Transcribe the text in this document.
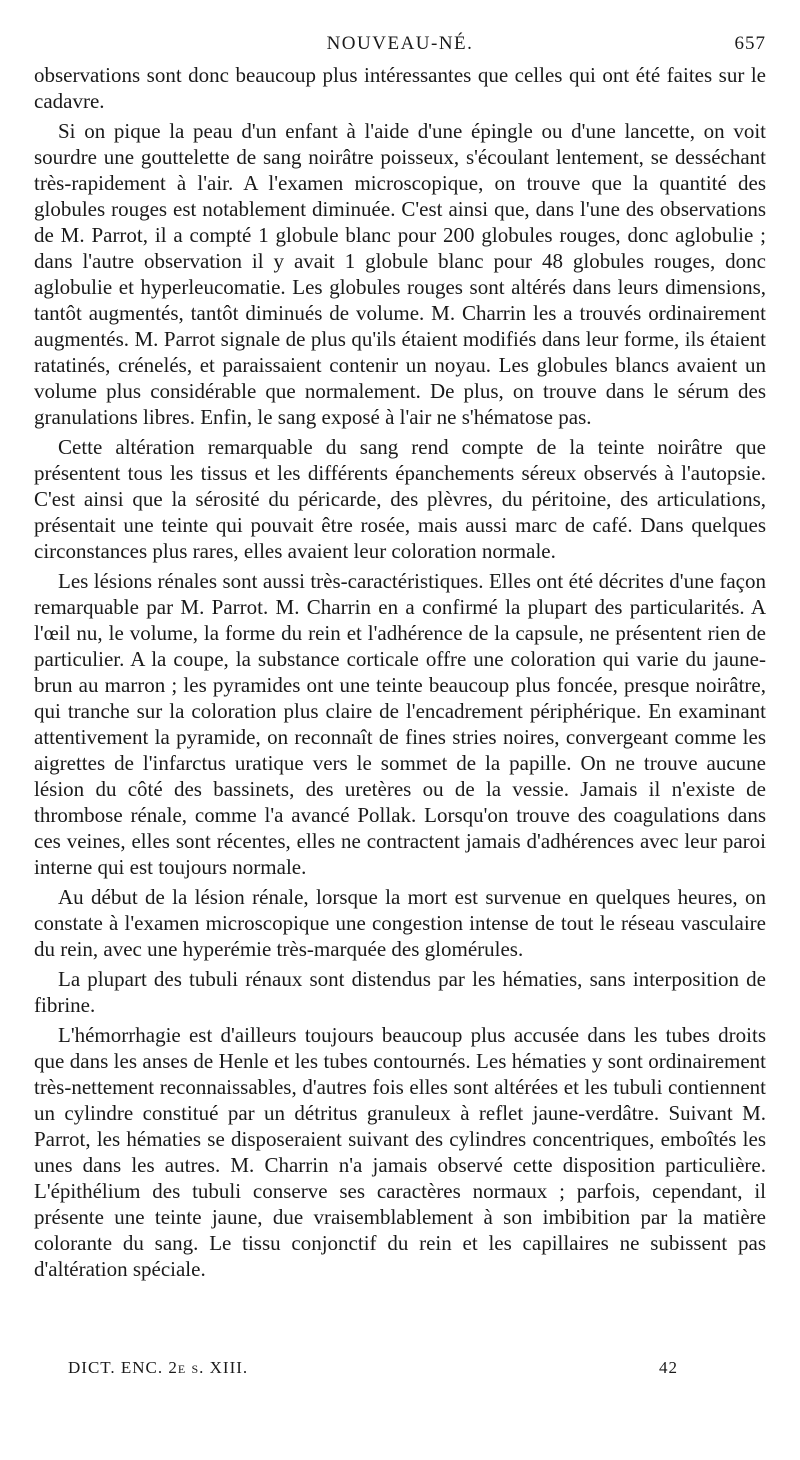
NOUVEAU-NÉ.	657

observations sont donc beaucoup plus intéressantes que celles qui ont été faites sur le cadavre.

Si on pique la peau d'un enfant à l'aide d'une épingle ou d'une lancette, on voit sourdre une gouttelette de sang noirâtre poisseux, s'écoulant lentement, se desséchant très-rapidement à l'air. A l'examen microscopique, on trouve que la quantité des globules rouges est notablement diminuée. C'est ainsi que, dans l'une des observations de M. Parrot, il a compté 1 globule blanc pour 200 globules rouges, donc aglobulie ; dans l'autre observation il y avait 1 globule blanc pour 48 globules rouges, donc aglobulie et hyperleucomatie. Les globules rouges sont altérés dans leurs dimensions, tantôt augmentés, tantôt diminués de volume. M. Charrin les a trouvés ordinairement augmentés. M. Parrot signale de plus qu'ils étaient modifiés dans leur forme, ils étaient ratatinés, crénelés, et paraissaient contenir un noyau. Les globules blancs avaient un volume plus considérable que normalement. De plus, on trouve dans le sérum des granulations libres. Enfin, le sang exposé à l'air ne s'hématose pas.

Cette altération remarquable du sang rend compte de la teinte noirâtre que présentent tous les tissus et les différents épanchements séreux observés à l'autopsie. C'est ainsi que la sérosité du péricarde, des plèvres, du péritoine, des articulations, présentait une teinte qui pouvait être rosée, mais aussi marc de café. Dans quelques circonstances plus rares, elles avaient leur coloration normale.

Les lésions rénales sont aussi très-caractéristiques. Elles ont été décrites d'une façon remarquable par M. Parrot. M. Charrin en a confirmé la plupart des particularités. A l'œil nu, le volume, la forme du rein et l'adhérence de la capsule, ne présentent rien de particulier. A la coupe, la substance corticale offre une coloration qui varie du jaune-brun au marron ; les pyramides ont une teinte beaucoup plus foncée, presque noirâtre, qui tranche sur la coloration plus claire de l'encadrement périphérique. En examinant attentivement la pyramide, on reconnaît de fines stries noires, convergeant comme les aigrettes de l'infarctus uratique vers le sommet de la papille. On ne trouve aucune lésion du côté des bassinets, des uretères ou de la vessie. Jamais il n'existe de thrombose rénale, comme l'a avancé Pollak. Lorsqu'on trouve des coagulations dans ces veines, elles sont récentes, elles ne contractent jamais d'adhérences avec leur paroi interne qui est toujours normale.

Au début de la lésion rénale, lorsque la mort est survenue en quelques heures, on constate à l'examen microscopique une congestion intense de tout le réseau vasculaire du rein, avec une hyperémie très-marquée des glomérules.

La plupart des tubuli rénaux sont distendus par les hématies, sans interposition de fibrine.

L'hémorrhagie est d'ailleurs toujours beaucoup plus accusée dans les tubes droits que dans les anses de Henle et les tubes contournés. Les hématies y sont ordinairement très-nettement reconnaissables, d'autres fois elles sont altérées et les tubuli contiennent un cylindre constitué par un détritus granuleux à reflet jaune-verdâtre. Suivant M. Parrot, les hématies se disposeraient suivant des cylindres concentriques, emboîtés les unes dans les autres. M. Charrin n'a jamais observé cette disposition particulière. L'épithélium des tubuli conserve ses caractères normaux ; parfois, cependant, il présente une teinte jaune, due vraisemblablement à son imbibition par la matière colorante du sang. Le tissu conjonctif du rein et les capillaires ne subissent pas d'altération spéciale.

DICT. ENC. 2e s. XIII.	42
